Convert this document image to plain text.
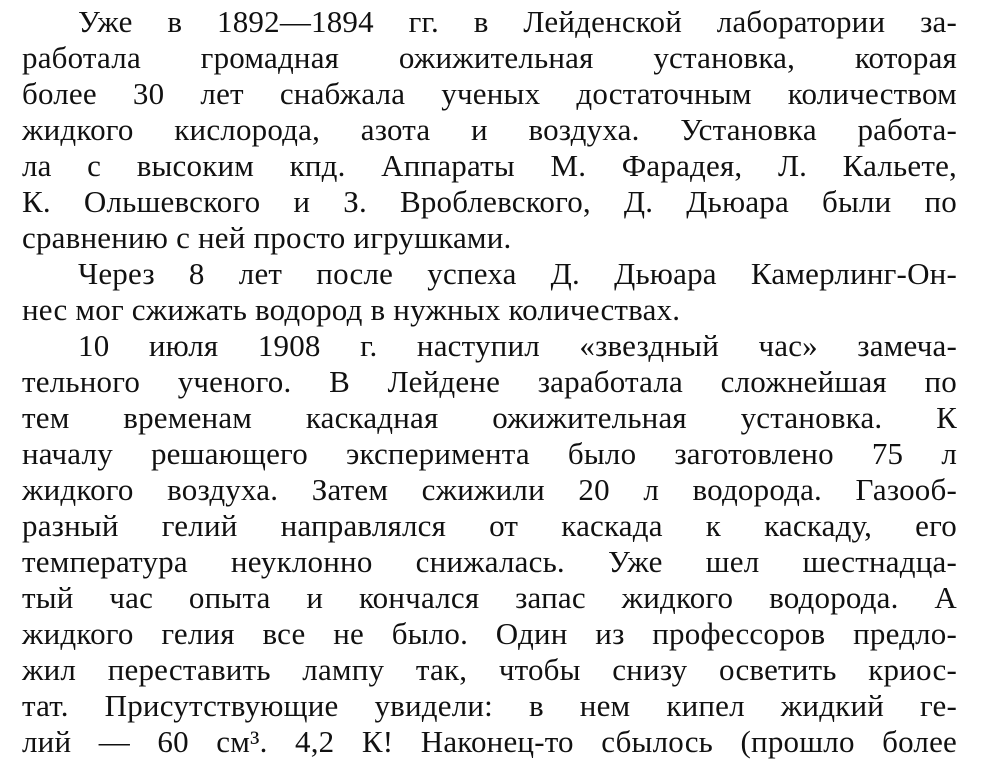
Уже в 1892—1894 гг. в Лейденской лаборатории за-

работала громадная ожижительная установка, которая

более 30 лет снабжала ученых достаточным количеством

жидкого кислорода, азота и воздуха. Установка работа-

ла с высоким кпд. Аппараты М. Фарадея, Л. Кальете,

К. Ольшевского и З. Вроблевского, Д. Дьюара были по

сравнению с ней просто игрушками.

Через 8 лет после успеха Д. Дьюара Камерлинг-Он-

нес мог сжижать водород в нужных количествах.

10 июля 1908 г. наступил «звездный час» замеча-

тельного ученого. В Лейдене заработала сложнейшая по

тем временам каскадная ожижительная установка. К

началу решающего эксперимента было заготовлено 75 л

жидкого воздуха. Затем сжижили 20 л водорода. Газооб-

разный гелий направлялся от каскада к каскаду, его

температура неуклонно снижалась. Уже шел шестнадца-

тый час опыта и кончался запас жидкого водорода. А

жидкого гелия все не было. Один из профессоров предло-

жил переставить лампу так, чтобы снизу осветить криос-

тат. Присутствующие увидели: в нем кипел жидкий ге-

лий — 60 см³. 4,2 К! Наконец-то сбылось (прошло более
